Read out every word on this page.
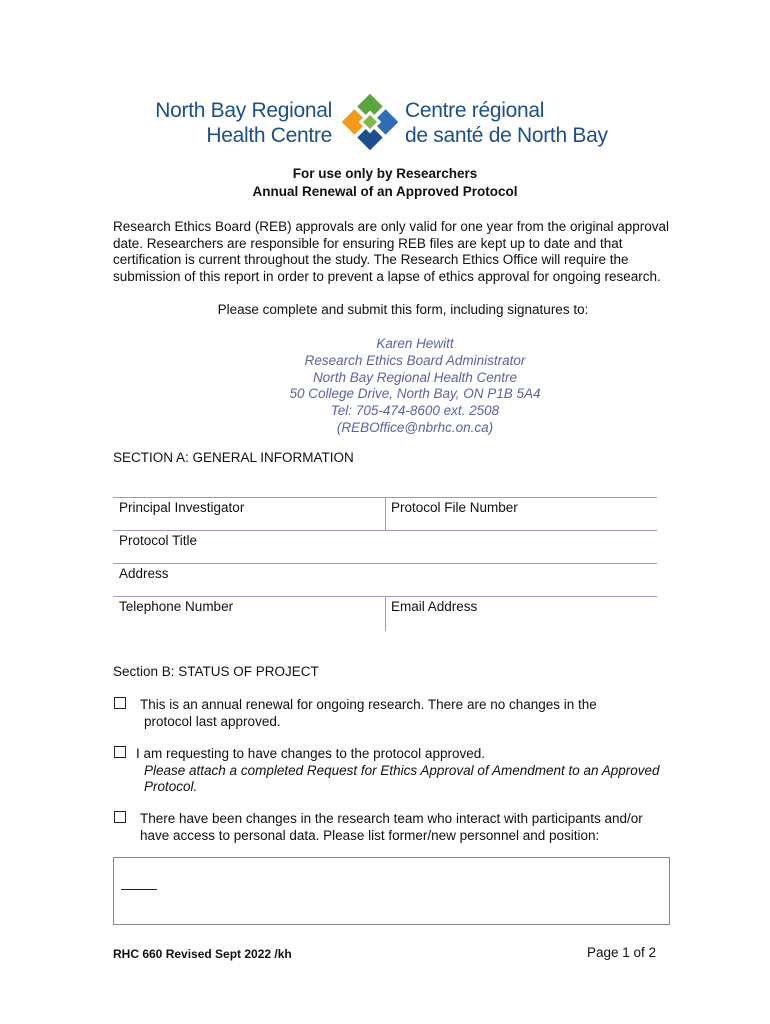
North Bay Regional
Health Centre
Centre régional
de santé de North Bay
For use only by Researchers
Annual Renewal of an Approved Protocol
Research Ethics Board (REB) approvals are only valid for one year from the original approval
date. Researchers are responsible for ensuring REB files are kept up to date and that
certification is current throughout the study. The Research Ethics Office will require the
submission of this report in order to prevent a lapse of ethics approval for ongoing research.
Please complete and submit this form, including signatures to:
Karen Hewitt
Research Ethics Board Administrator
North Bay Regional Health Centre
50 College Drive, North Bay, ON P1B 5A4
Tel: 705-474-8600 ext. 2508
(REBOffice@nbrhc.on.ca)
SECTION A: GENERAL INFORMATION
Principal Investigator	Protocol File Number
Protocol Title
Address
Telephone Number	Email Address
Section B: STATUS OF PROJECT
This is an annual renewal for ongoing research. There are no changes in the
protocol last approved.
I am requesting to have changes to the protocol approved.
Please attach a completed Request for Ethics Approval of Amendment to an Approved
Protocol.
There have been changes in the research team who interact with participants and/or
have access to personal data. Please list former/new personnel and position:
RHC 660 Revised Sept 2022 /kh	Page 1 of 2
